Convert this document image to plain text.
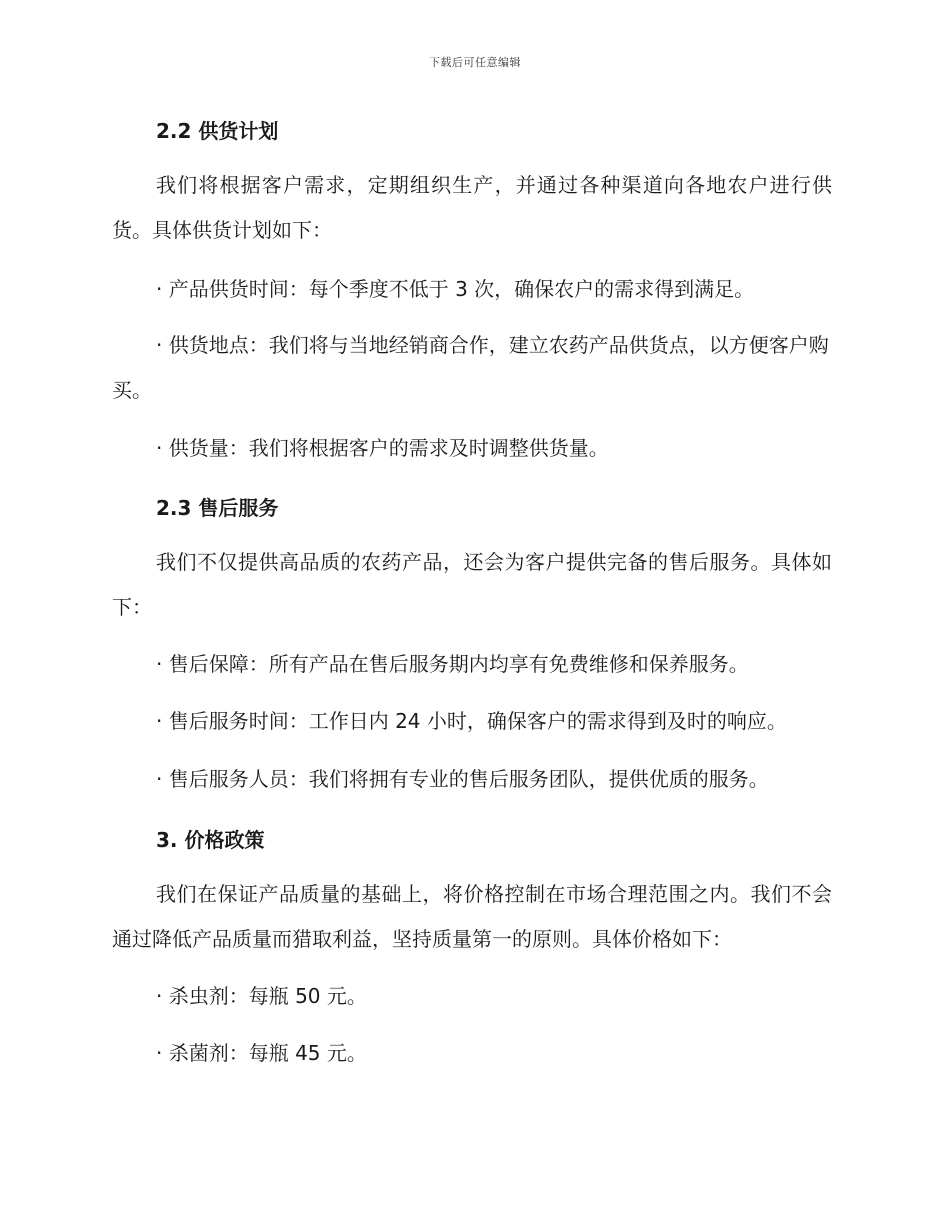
下载后可任意编辑
2.2 供货计划
我们将根据客户需求，定期组织生产，并通过各种渠道向各地农户进行供货。具体供货计划如下：
· 产品供货时间：每个季度不低于 3 次，确保农户的需求得到满足。
· 供货地点：我们将与当地经销商合作，建立农药产品供货点，以方便客户购买。
· 供货量：我们将根据客户的需求及时调整供货量。
2.3 售后服务
我们不仅提供高品质的农药产品，还会为客户提供完备的售后服务。具体如下：
· 售后保障：所有产品在售后服务期内均享有免费维修和保养服务。
· 售后服务时间：工作日内 24 小时，确保客户的需求得到及时的响应。
· 售后服务人员：我们将拥有专业的售后服务团队，提供优质的服务。
3. 价格政策
我们在保证产品质量的基础上，将价格控制在市场合理范围之内。我们不会通过降低产品质量而猎取利益，坚持质量第一的原则。具体价格如下：
· 杀虫剂：每瓶 50 元。
· 杀菌剂：每瓶 45 元。
